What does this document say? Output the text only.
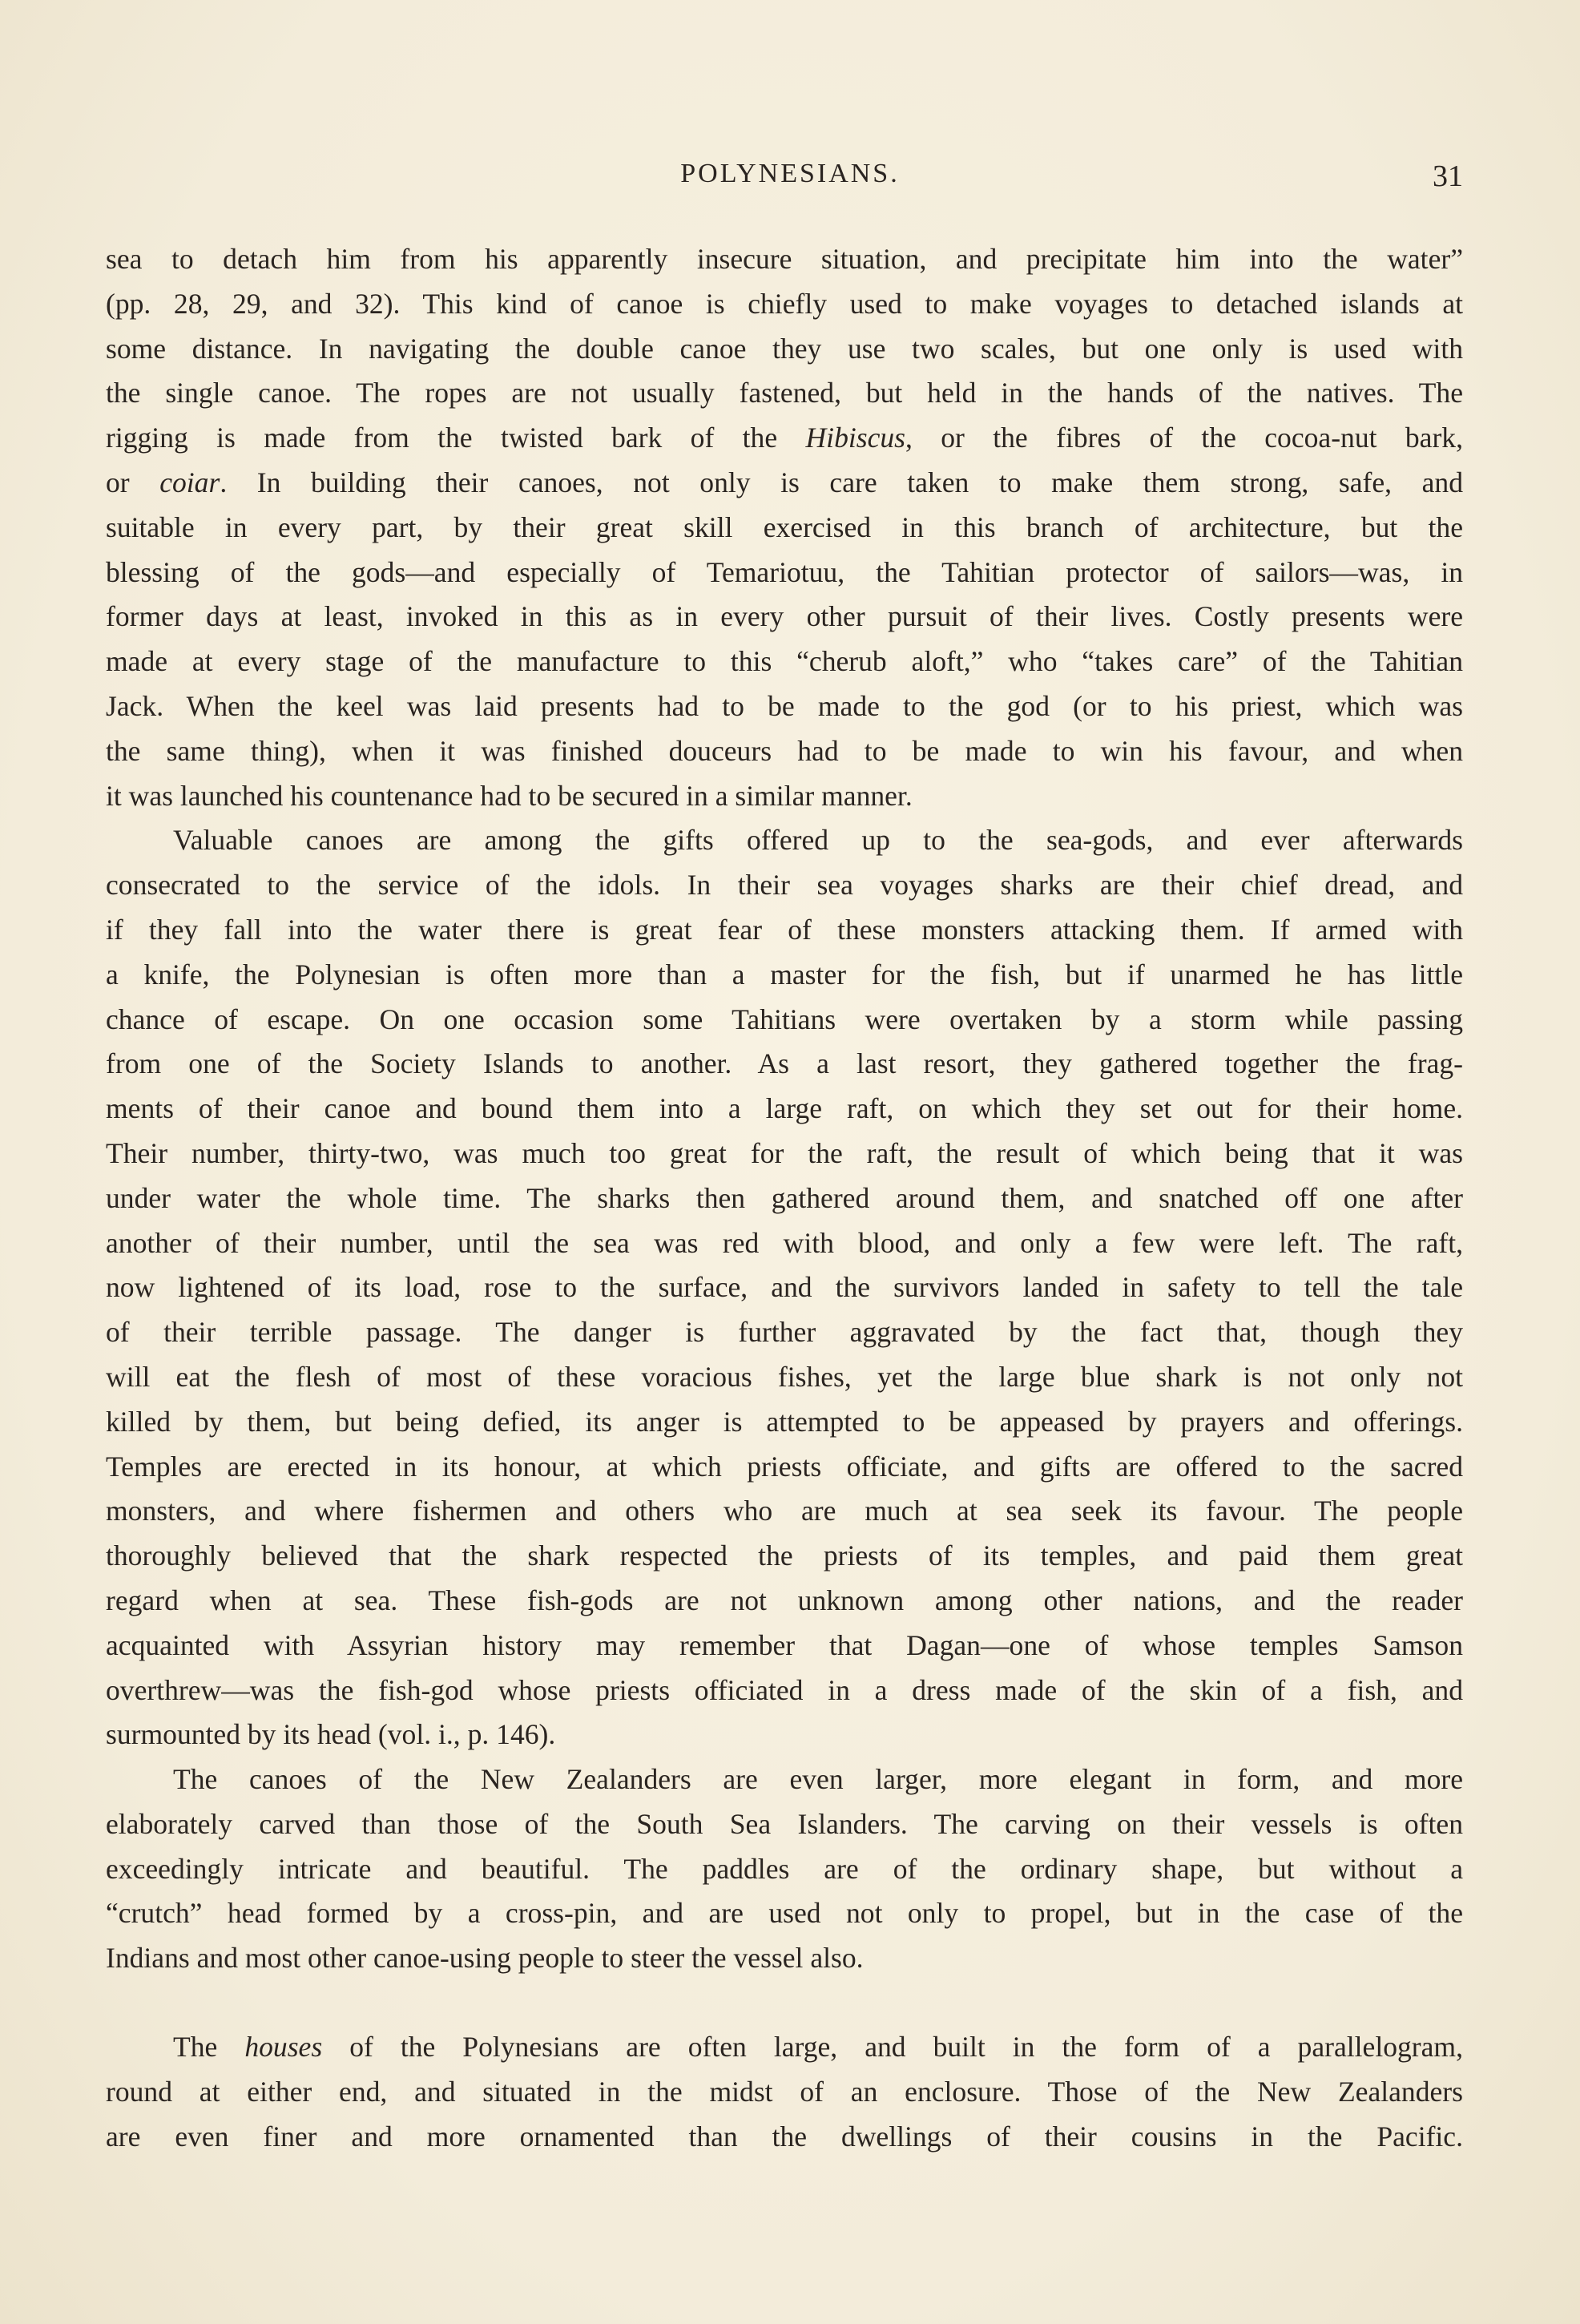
POLYNESIANS.	31

sea to detach him from his apparently insecure situation, and precipitate him into the water”
(pp. 28, 29, and 32). This kind of canoe is chiefly used to make voyages to detached islands at
some distance. In navigating the double canoe they use two scales, but one only is used with
the single canoe. The ropes are not usually fastened, but held in the hands of the natives. The
rigging is made from the twisted bark of the Hibiscus, or the fibres of the cocoa-nut bark,
or coiar. In building their canoes, not only is care taken to make them strong, safe, and
suitable in every part, by their great skill exercised in this branch of architecture, but the
blessing of the gods—and especially of Temariotuu, the Tahitian protector of sailors—was, in
former days at least, invoked in this as in every other pursuit of their lives. Costly presents were
made at every stage of the manufacture to this “cherub aloft,” who “takes care” of the Tahitian
Jack. When the keel was laid presents had to be made to the god (or to his priest, which was
the same thing), when it was finished douceurs had to be made to win his favour, and when
it was launched his countenance had to be secured in a similar manner.

Valuable canoes are among the gifts offered up to the sea-gods, and ever afterwards
consecrated to the service of the idols. In their sea voyages sharks are their chief dread, and
if they fall into the water there is great fear of these monsters attacking them. If armed with
a knife, the Polynesian is often more than a master for the fish, but if unarmed he has little
chance of escape. On one occasion some Tahitians were overtaken by a storm while passing
from one of the Society Islands to another. As a last resort, they gathered together the frag-
ments of their canoe and bound them into a large raft, on which they set out for their home.
Their number, thirty-two, was much too great for the raft, the result of which being that it was
under water the whole time. The sharks then gathered around them, and snatched off one after
another of their number, until the sea was red with blood, and only a few were left. The raft,
now lightened of its load, rose to the surface, and the survivors landed in safety to tell the tale
of their terrible passage. The danger is further aggravated by the fact that, though they
will eat the flesh of most of these voracious fishes, yet the large blue shark is not only not
killed by them, but being defied, its anger is attempted to be appeased by prayers and offerings.
Temples are erected in its honour, at which priests officiate, and gifts are offered to the sacred
monsters, and where fishermen and others who are much at sea seek its favour. The people
thoroughly believed that the shark respected the priests of its temples, and paid them great
regard when at sea. These fish-gods are not unknown among other nations, and the reader
acquainted with Assyrian history may remember that Dagan—one of whose temples Samson
overthrew—was the fish-god whose priests officiated in a dress made of the skin of a fish, and
surmounted by its head (vol. i., p. 146).

The canoes of the New Zealanders are even larger, more elegant in form, and more
elaborately carved than those of the South Sea Islanders. The carving on their vessels is often
exceedingly intricate and beautiful. The paddles are of the ordinary shape, but without a
“crutch” head formed by a cross-pin, and are used not only to propel, but in the case of the
Indians and most other canoe-using people to steer the vessel also.

The houses of the Polynesians are often large, and built in the form of a parallelogram,
round at either end, and situated in the midst of an enclosure. Those of the New Zealanders
are even finer and more ornamented than the dwellings of their cousins in the Pacific.
